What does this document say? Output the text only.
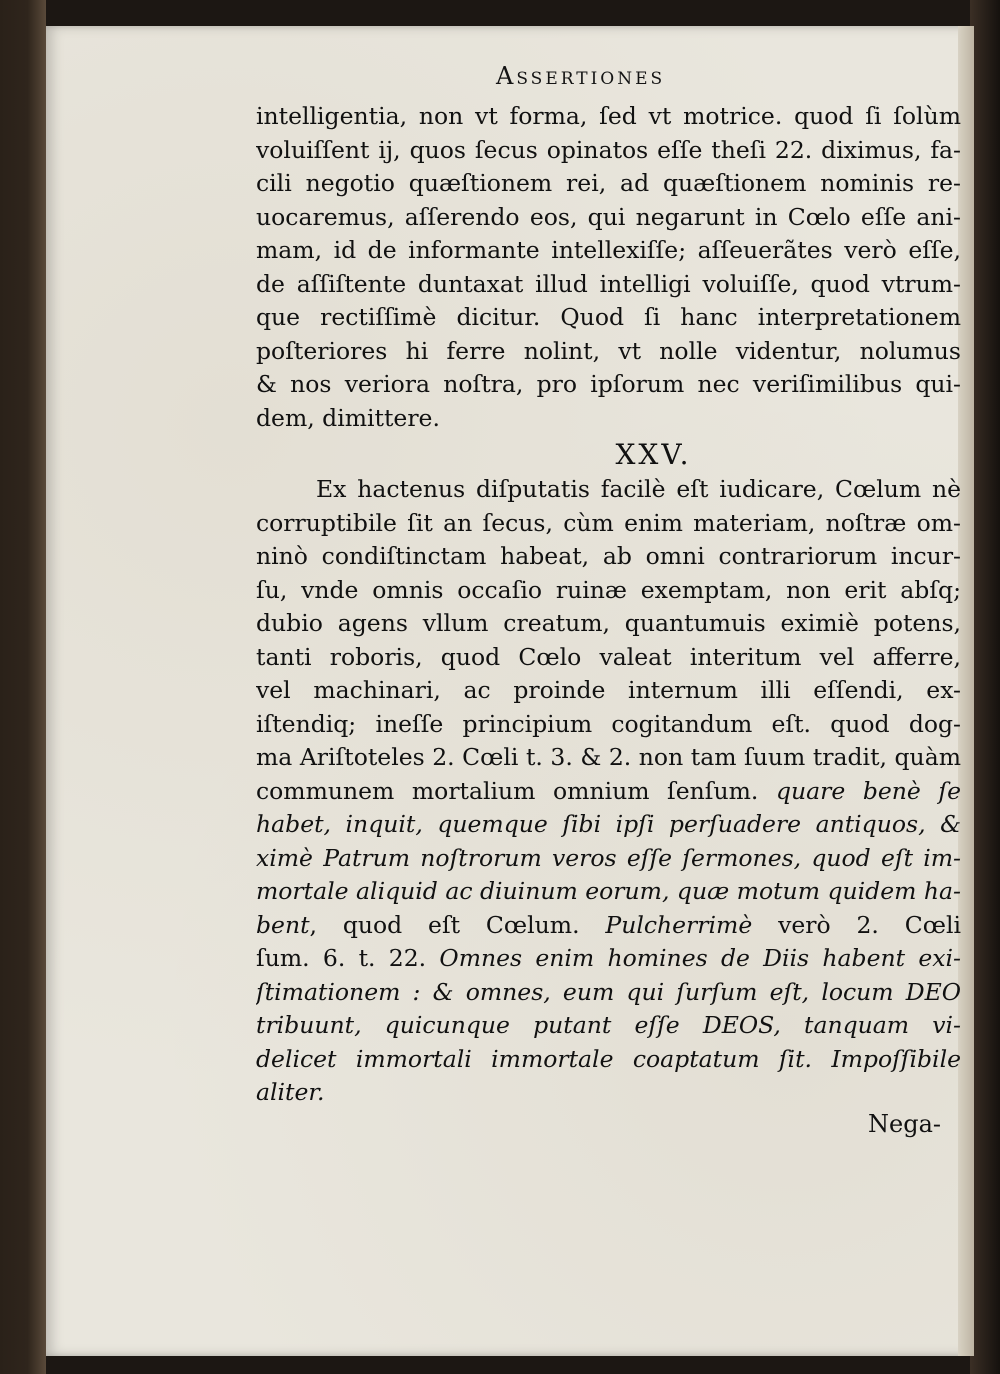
Assertiones
intelligentia, non vt forma, ſed vt motrice. quod ſi ſolùm
voluiſſent ij, quos ſecus opinatos eſſe theſi 22. diximus, fa-
cili negotio quæſtionem rei, ad quæſtionem nominis re-
uocaremus, aſſerendo eos, qui negarunt in Cœlo eſſe ani-
mam, id de informante intellexiſſe; aſſeuerãtes verò eſſe,
de aſſiſtente duntaxat illud intelligi voluiſſe, quod vtrum-
que rectiſſimè dicitur. Quod ſi hanc interpretationem
poſteriores hi ferre nolint, vt nolle videntur, nolumus
& nos veriora noſtra, pro ipſorum nec veriſimilibus qui-
dem, dimittere.
XXV.
Ex hactenus diſputatis facilè eſt iudicare, Cœlum nè
corruptibile ſit an ſecus, cùm enim materiam, noſtræ om-
ninò condiſtinctam habeat, ab omni contrariorum incur-
ſu, vnde omnis occaſio ruinæ exemptam, non erit abſq;
dubio agens vllum creatum, quantumuis eximiè potens,
tanti roboris, quod Cœlo valeat interitum vel afferre,
vel machinari, ac proinde internum illi eſſendi, ex-
iſtendiq; ineſſe principium cogitandum eſt. quod dog-
ma Ariſtoteles 2. Cœli t. 3. & 2. non tam ſuum tradit, quàm
communem mortalium omnium ſenſum. quare benè ſe
habet, inquit, quemque ſibi ipſi perſuadere antiquos, &
ximè Patrum noſtrorum veros eſſe ſermones, quod eſt im-
mortale aliquid ac diuinum eorum, quæ motum quidem ha-
bent, quod eſt Cœlum. Pulcherrimè verò 2. Cœli
ſum. 6. t. 22. Omnes enim homines de Diis habent exi-
ſtimationem : & omnes, eum qui ſurſum eſt, locum DEO
tribuunt, quicunque putant eſſe DEOS, tanquam vi-
delicet immortali immortale coaptatum ſit. Impoſſibile
aliter.
Nega-
